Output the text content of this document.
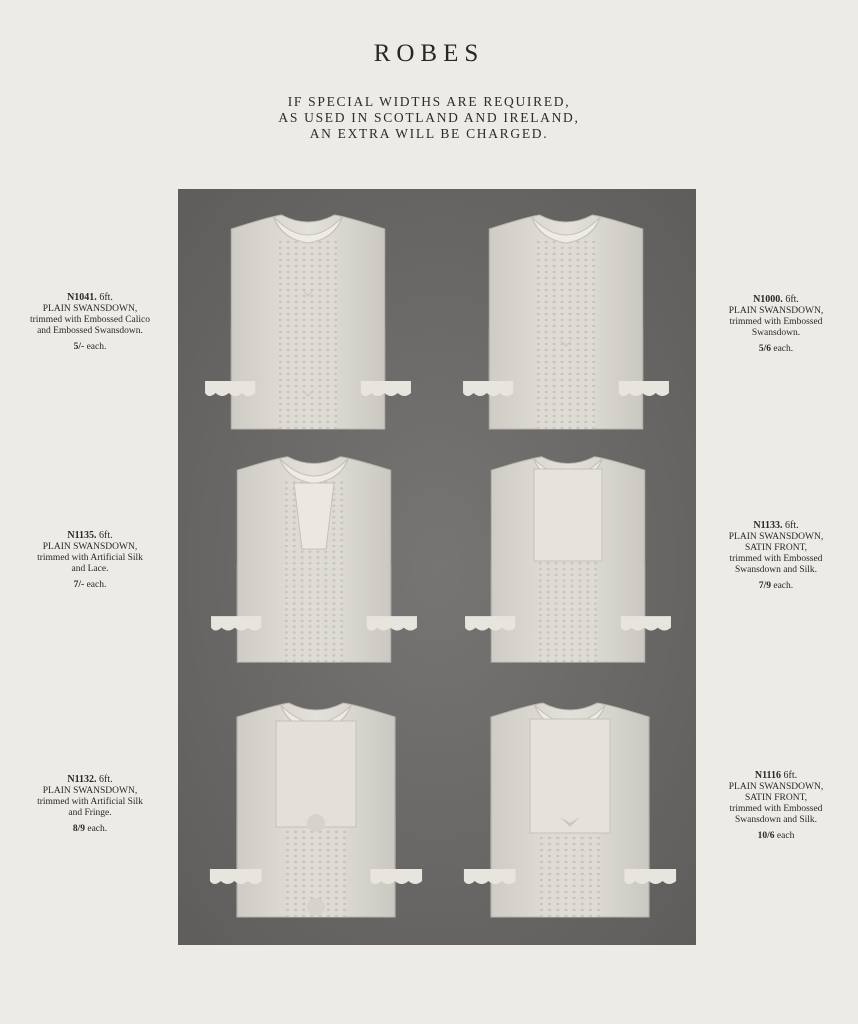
ROBES
IF SPECIAL WIDTHS ARE REQUIRED,
AS USED IN SCOTLAND AND IRELAND,
AN EXTRA WILL BE CHARGED.
N1041. 6ft.
PLAIN SWANSDOWN,
trimmed with Embossed Calico
and Embossed Swansdown.
5/- each.
N1000. 6ft.
PLAIN SWANSDOWN,
trimmed with Embossed
Swansdown.
5/6 each.
N1135. 6ft.
PLAIN SWANSDOWN,
trimmed with Artificial Silk
and Lace.
7/- each.
N1133. 6ft.
PLAIN SWANSDOWN,
SATIN FRONT,
trimmed with Embossed
Swansdown and Silk.
7/9 each.
N1132. 6ft.
PLAIN SWANSDOWN,
trimmed with Artificial Silk
and Fringe.
8/9 each.
N1116 6ft.
PLAIN SWANSDOWN,
SATIN FRONT,
trimmed with Embossed
Swansdown and Silk.
10/6 each
